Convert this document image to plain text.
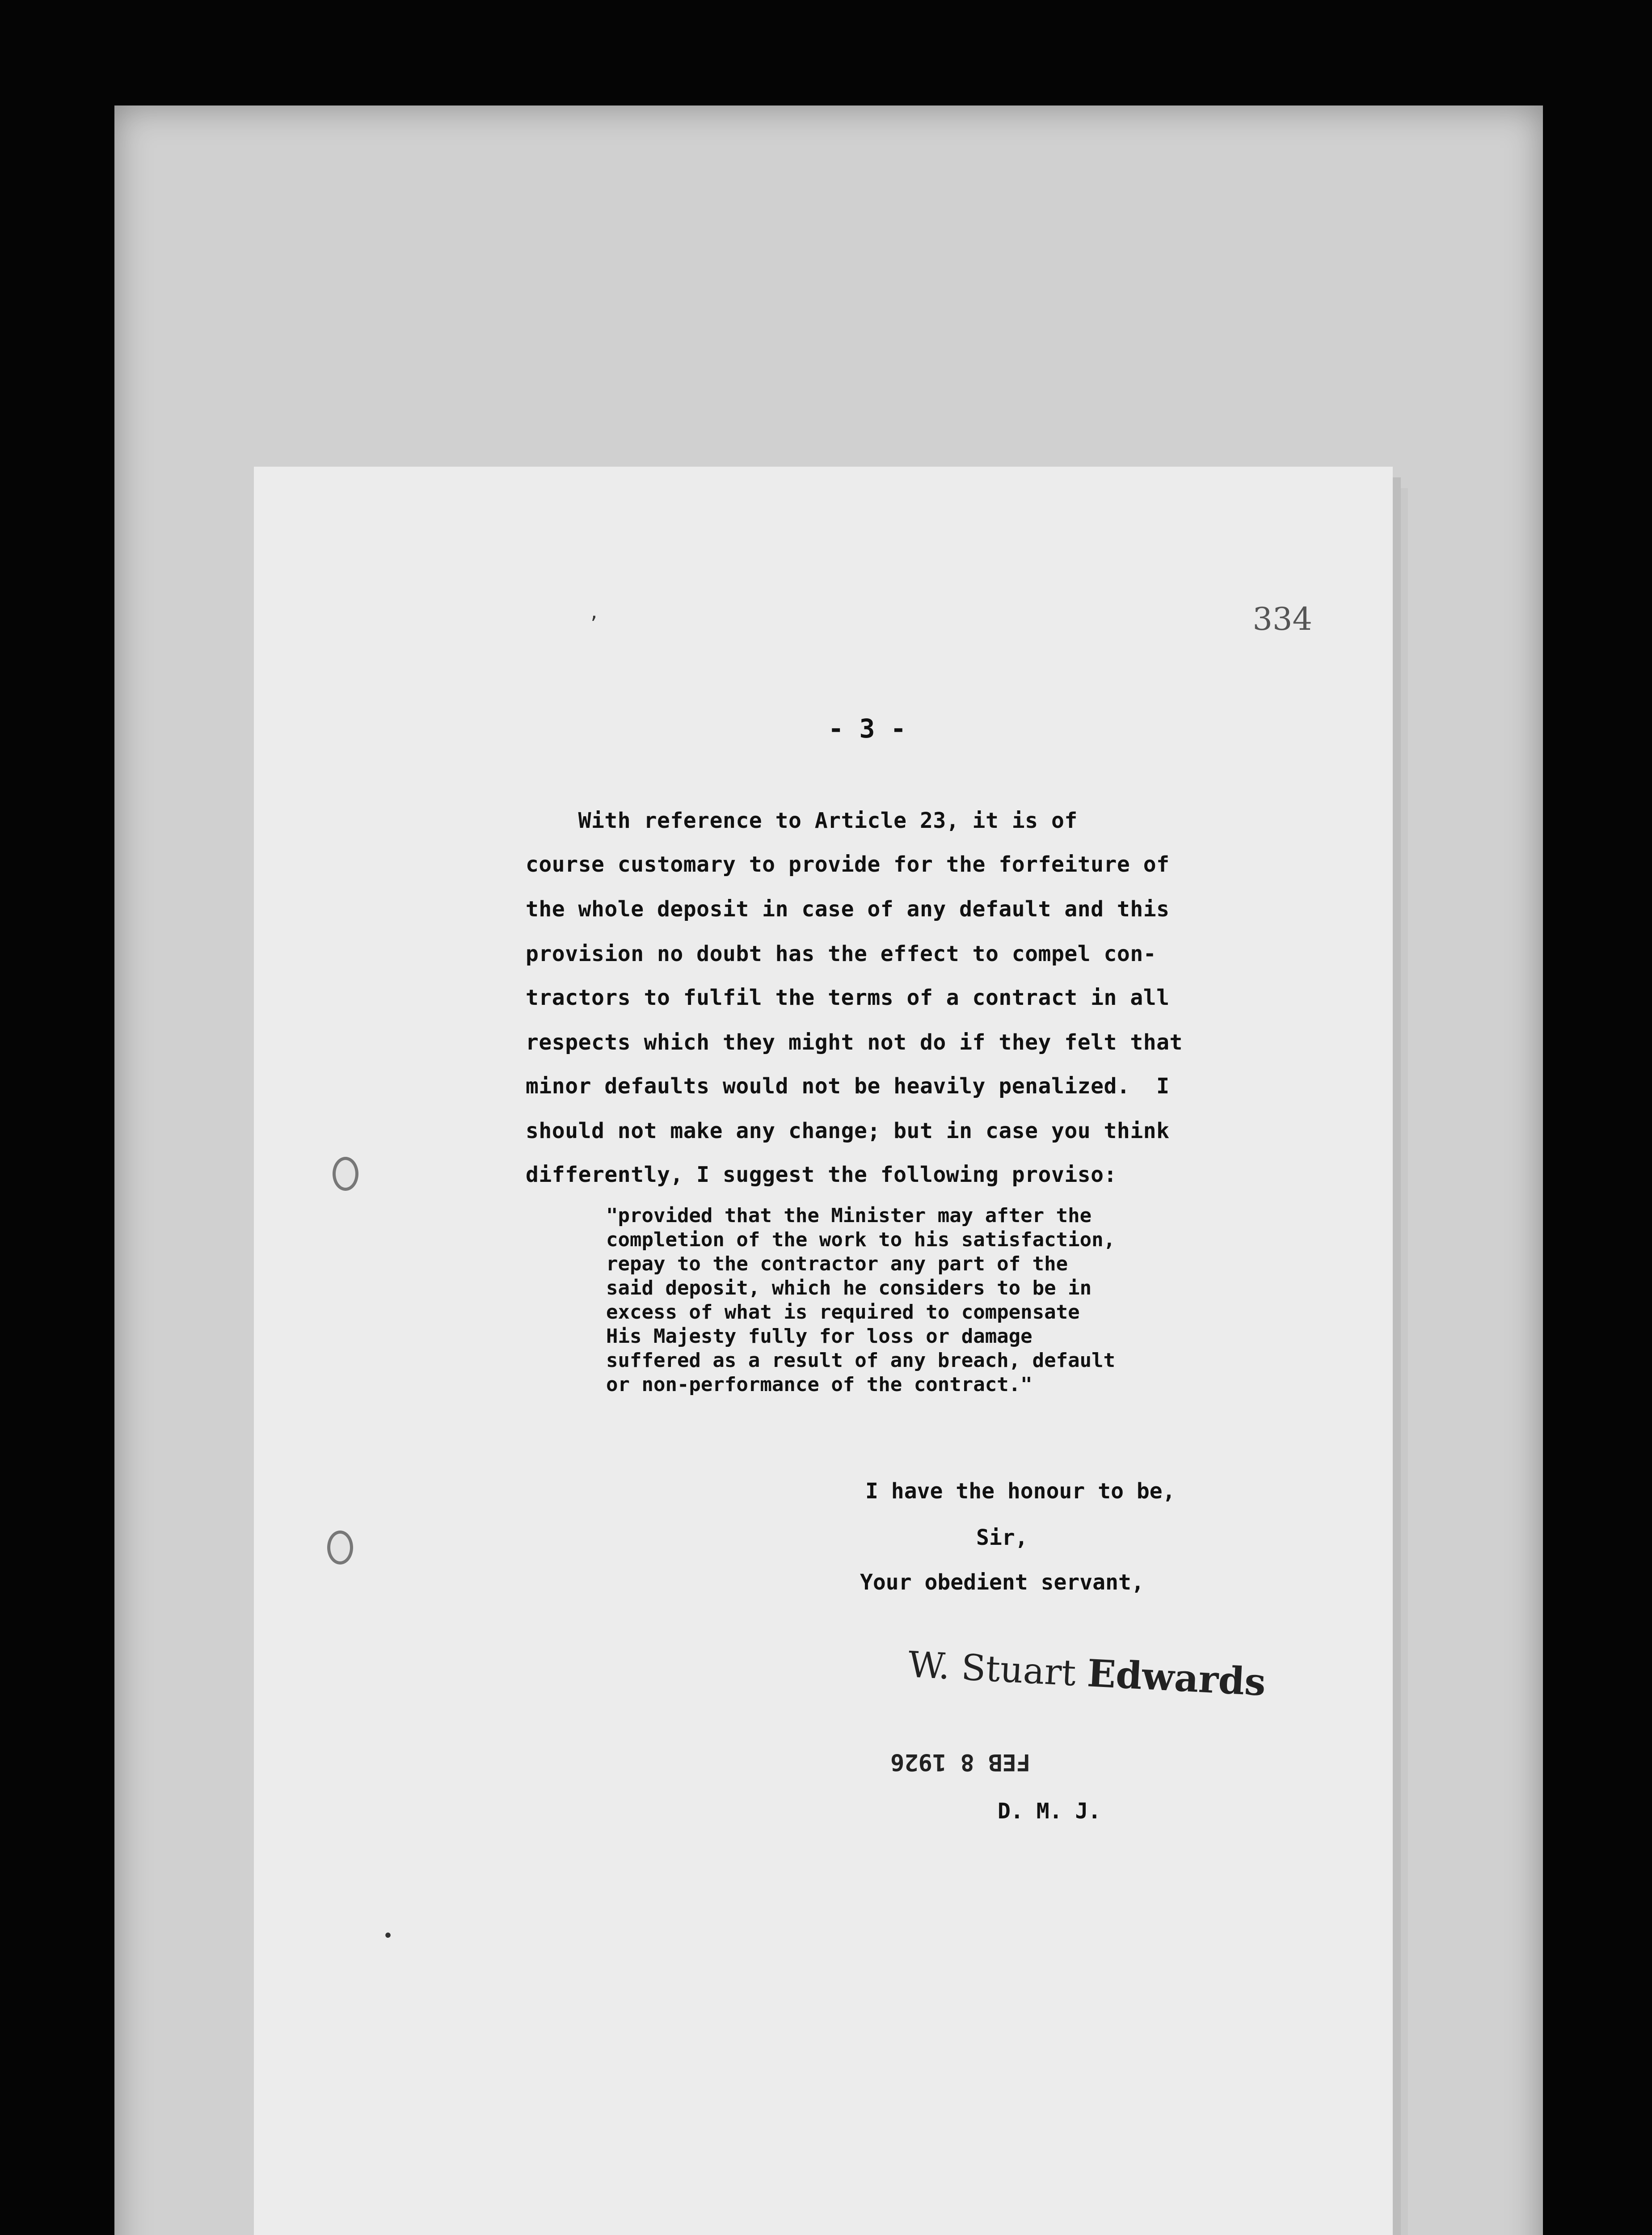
’
•
334
- 3 -
With reference to Article 23, it is of
course customary to provide for the forfeiture of
the whole deposit in case of any default and this
provision no doubt has the effect to compel con-
tractors to fulfil the terms of a contract in all
respects which they might not do if they felt that
minor defaults would not be heavily penalized.  I
should not make any change; but in case you think
differently, I suggest the following proviso:
"provided that the Minister may after the
completion of the work to his satisfaction,
repay to the contractor any part of the
said deposit, which he considers to be in
excess of what is required to compensate
His Majesty fully for loss or damage
suffered as a result of any breach, default
or non-performance of the contract."
I have the honour to be,
Sir,
Your obedient servant,
W. Stuart Edwards
FEB 8 1926
D. M. J.
